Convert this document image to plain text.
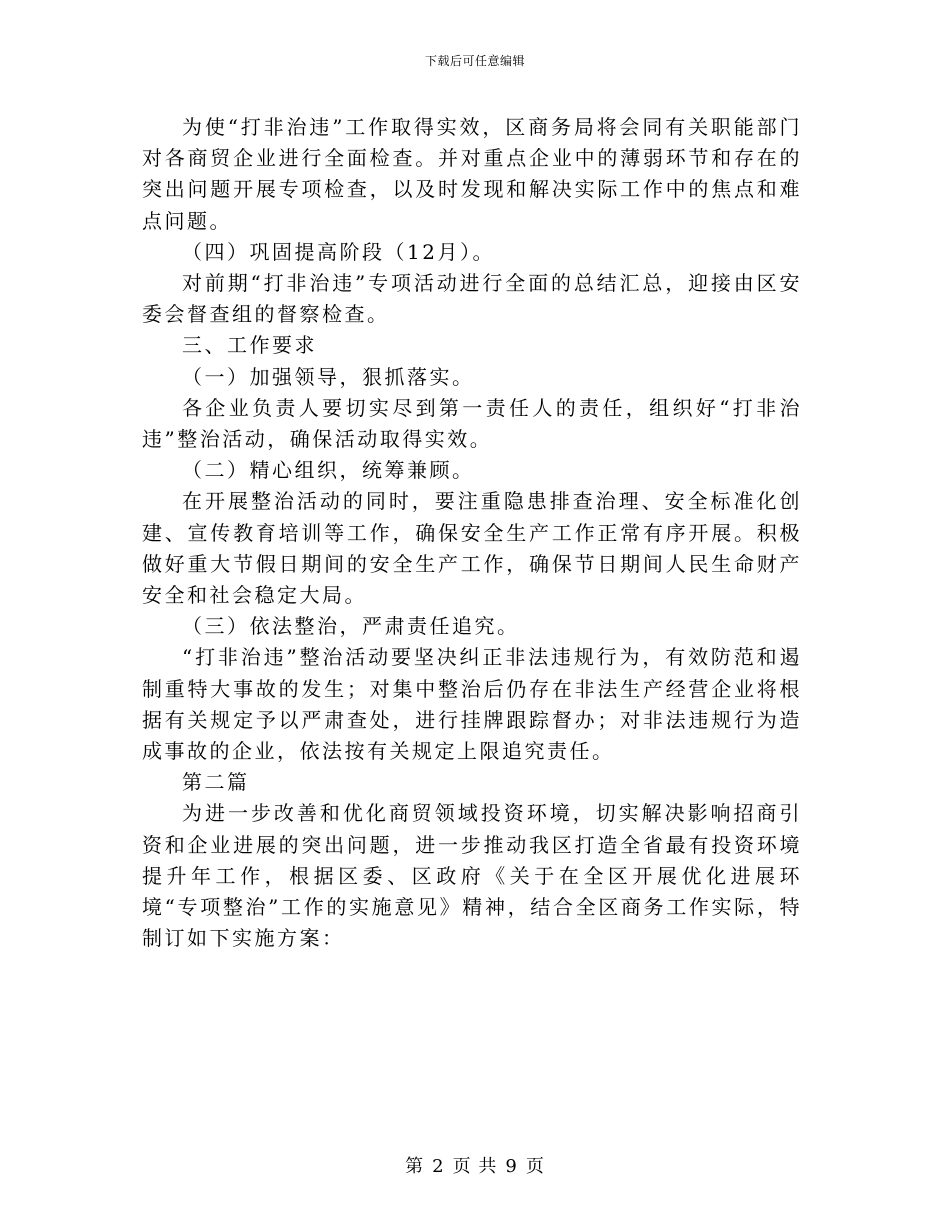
下载后可任意编辑

为使“打非治违”工作取得实效，区商务局将会同有关职能部门对各商贸企业进行全面检查。并对重点企业中的薄弱环节和存在的突出问题开展专项检查，以及时发现和解决实际工作中的焦点和难点问题。

（四）巩固提高阶段（12月）。

对前期“打非治违”专项活动进行全面的总结汇总，迎接由区安委会督查组的督察检查。

三、工作要求

（一）加强领导，狠抓落实。

各企业负责人要切实尽到第一责任人的责任，组织好“打非治违”整治活动，确保活动取得实效。

（二）精心组织，统筹兼顾。

在开展整治活动的同时，要注重隐患排查治理、安全标准化创建、宣传教育培训等工作，确保安全生产工作正常有序开展。积极做好重大节假日期间的安全生产工作，确保节日期间人民生命财产安全和社会稳定大局。

（三）依法整治，严肃责任追究。

“打非治违”整治活动要坚决纠正非法违规行为，有效防范和遏制重特大事故的发生；对集中整治后仍存在非法生产经营企业将根据有关规定予以严肃查处，进行挂牌跟踪督办；对非法违规行为造成事故的企业，依法按有关规定上限追究责任。

第二篇

为进一步改善和优化商贸领域投资环境，切实解决影响招商引资和企业进展的突出问题，进一步推动我区打造全省最有投资环境提升年工作，根据区委、区政府《关于在全区开展优化进展环境“专项整治”工作的实施意见》精神，结合全区商务工作实际，特制订如下实施方案：

第 2 页 共 9 页
